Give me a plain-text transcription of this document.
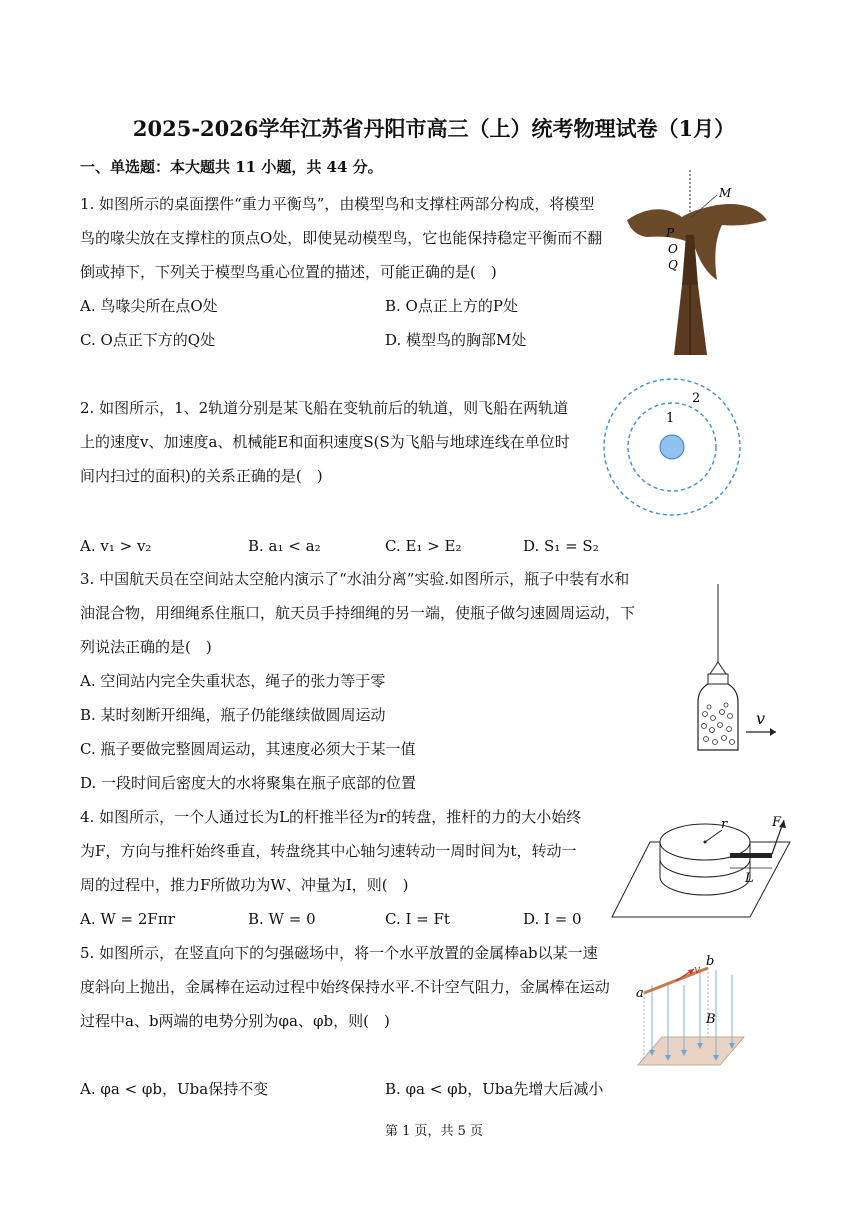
2025-2026学年江苏省丹阳市高三（上）统考物理试卷（1月）
一、单选题：本大题共 11 小题，共 44 分。
1. 如图所示的桌面摆件“重力平衡鸟”，由模型鸟和支撑柱两部分构成，将模型
鸟的喙尖放在支撑柱的顶点O处，即使晃动模型鸟，它也能保持稳定平衡而不翻
倒或掉下，下列关于模型鸟重心位置的描述，可能正确的是(　)
A. 鸟喙尖所在点O处	B. O点正上方的P处
C. O点正下方的Q处	D. 模型鸟的胸部M处
M
P
O
Q
2. 如图所示，1、2轨道分别是某飞船在变轨前后的轨道，则飞船在两轨道
上的速度v、加速度a、机械能E和面积速度S(S为飞船与地球连线在单位时
间内扫过的面积)的关系正确的是(　)
A. v₁ > v₂	B. a₁ < a₂	C. E₁ > E₂	D. S₁ = S₂
1
2
3. 中国航天员在空间站太空舱内演示了“水油分离”实验.如图所示，瓶子中装有水和
油混合物，用细绳系住瓶口，航天员手持细绳的另一端，使瓶子做匀速圆周运动，下
列说法正确的是(　)
A. 空间站内完全失重状态，绳子的张力等于零
B. 某时刻断开细绳，瓶子仍能继续做圆周运动
C. 瓶子要做完整圆周运动，其速度必须大于某一值
D. 一段时间后密度大的水将聚集在瓶子底部的位置
v
4. 如图所示，一个人通过长为L的杆推半径为r的转盘，推杆的力的大小始终
为F，方向与推杆始终垂直，转盘绕其中心轴匀速转动一周时间为t，转动一
周的过程中，推力F所做功为W、冲量为I，则(　)
A. W = 2Fπr	B. W = 0	C. I = Ft	D. I = 0
r	F
L
5. 如图所示，在竖直向下的匀强磁场中，将一个水平放置的金属棒ab以某一速
度斜向上抛出，金属棒在运动过程中始终保持水平.不计空气阻力，金属棒在运动
过程中a、b两端的电势分别为φa、φb，则(　)
A. φa < φb，Uba保持不变	B. φa < φb，Uba先增大后减小
a
b
v
B
第 1 页，共 5 页
